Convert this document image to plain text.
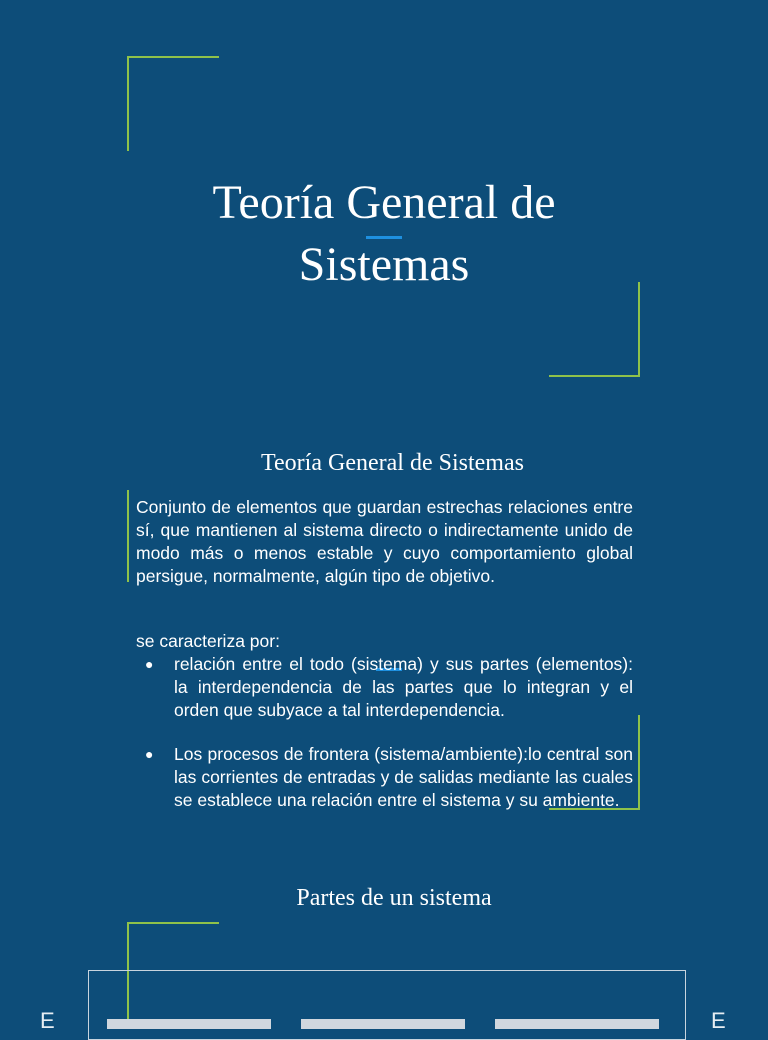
Teoría General de
Sistemas
Teoría General de Sistemas

Conjunto de elementos que guardan estrechas relaciones entre sí, que mantienen al sistema directo o indirectamente unido de modo más o menos estable y cuyo comportamiento global persigue, normalmente, algún tipo de objetivo.

se caracteriza por:

● relación entre el todo (sistema) y sus partes (elementos): la interdependencia de las partes que lo integran y el orden que subyace a tal interdependencia.
● Los procesos de frontera (sistema/ambiente):lo central son las corrientes de entradas y de salidas mediante las cuales se establece una relación entre el sistema y su ambiente.
Partes de un sistema
E	E
